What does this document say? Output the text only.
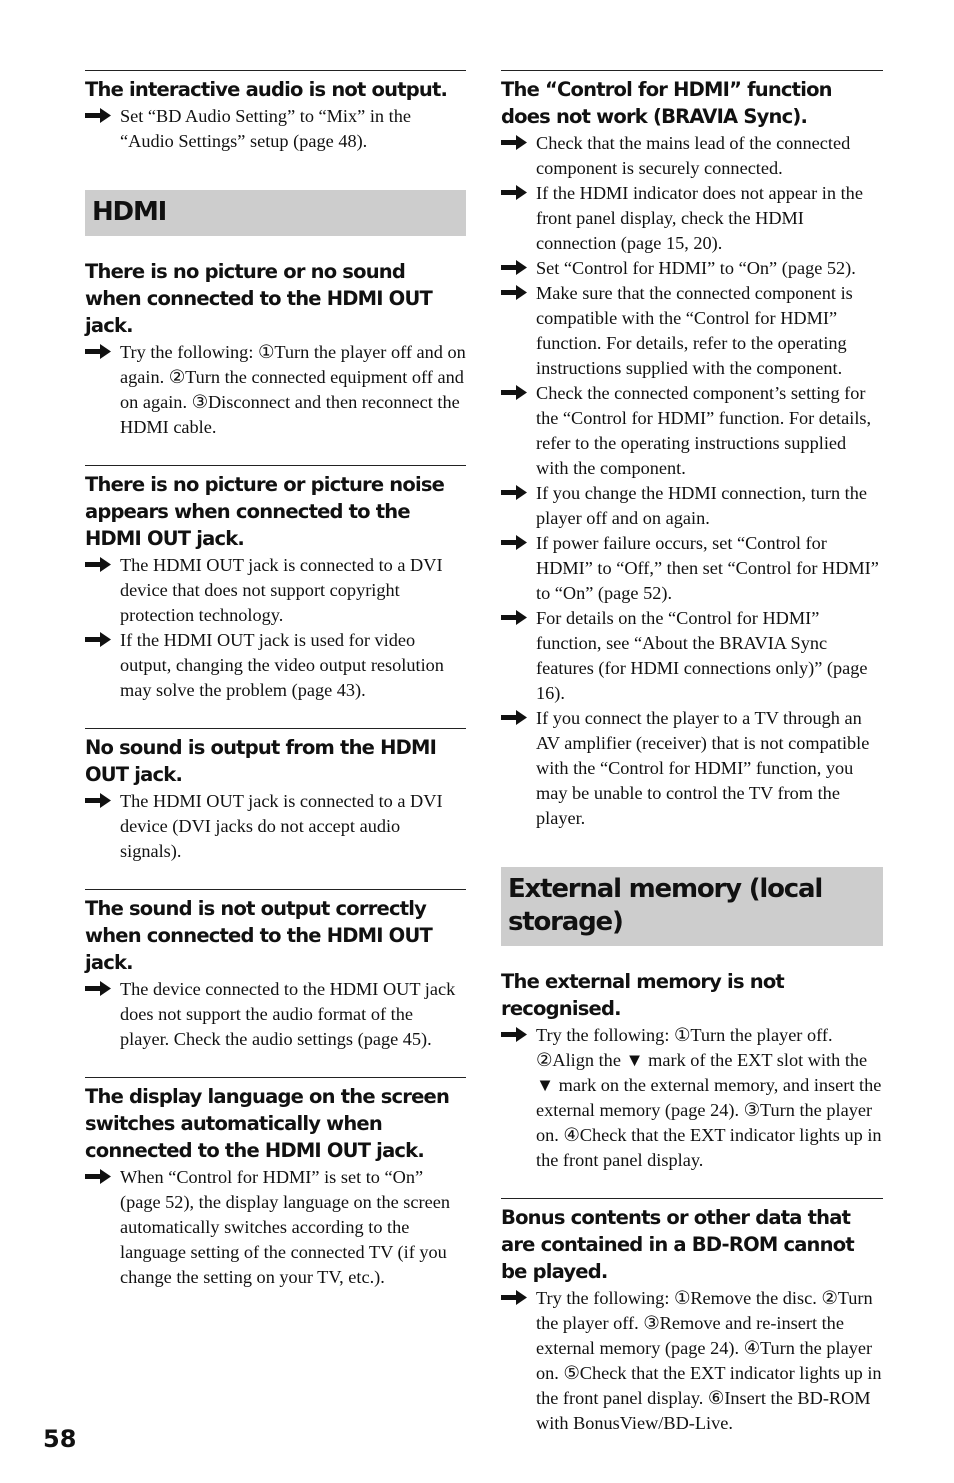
The interactive audio is not output.
Set “BD Audio Setting” to “Mix” in the “Audio Settings” setup (page 48).
HDMI
There is no picture or no sound when connected to the HDMI OUT jack.
Try the following: ①Turn the player off and on again. ②Turn the connected equipment off and on again. ③Disconnect and then reconnect the HDMI cable.
There is no picture or picture noise appears when connected to the HDMI OUT jack.
The HDMI OUT jack is connected to a DVI device that does not support copyright protection technology.
If the HDMI OUT jack is used for video output, changing the video output resolution may solve the problem (page 43).
No sound is output from the HDMI OUT jack.
The HDMI OUT jack is connected to a DVI device (DVI jacks do not accept audio signals).
The sound is not output correctly when connected to the HDMI OUT jack.
The device connected to the HDMI OUT jack does not support the audio format of the player. Check the audio settings (page 45).
The display language on the screen switches automatically when connected to the HDMI OUT jack.
When “Control for HDMI” is set to “On” (page 52), the display language on the screen automatically switches according to the language setting of the connected TV (if you change the setting on your TV, etc.).
The “Control for HDMI” function does not work (BRAVIA Sync).
Check that the mains lead of the connected component is securely connected.
If the HDMI indicator does not appear in the front panel display, check the HDMI connection (page 15, 20).
Set “Control for HDMI” to “On” (page 52).
Make sure that the connected component is compatible with the “Control for HDMI” function. For details, refer to the operating instructions supplied with the component.
Check the connected component’s setting for the “Control for HDMI” function. For details, refer to the operating instructions supplied with the component.
If you change the HDMI connection, turn the player off and on again.
If power failure occurs, set “Control for HDMI” to “Off,” then set “Control for HDMI” to “On” (page 52).
For details on the “Control for HDMI” function, see “About the BRAVIA Sync features (for HDMI connections only)” (page 16).
If you connect the player to a TV through an AV amplifier (receiver) that is not compatible with the “Control for HDMI” function, you may be unable to control the TV from the player.
External memory (local storage)
The external memory is not recognised.
Try the following: ①Turn the player off. ②Align the ▼ mark of the EXT slot with the ▼ mark on the external memory, and insert the external memory (page 24). ③Turn the player on. ④Check that the EXT indicator lights up in the front panel display.
Bonus contents or other data that are contained in a BD-ROM cannot be played.
Try the following: ①Remove the disc. ②Turn the player off. ③Remove and re-insert the external memory (page 24). ④Turn the player on. ⑤Check that the EXT indicator lights up in the front panel display. ⑥Insert the BD-ROM with BonusView/BD-Live.
58
